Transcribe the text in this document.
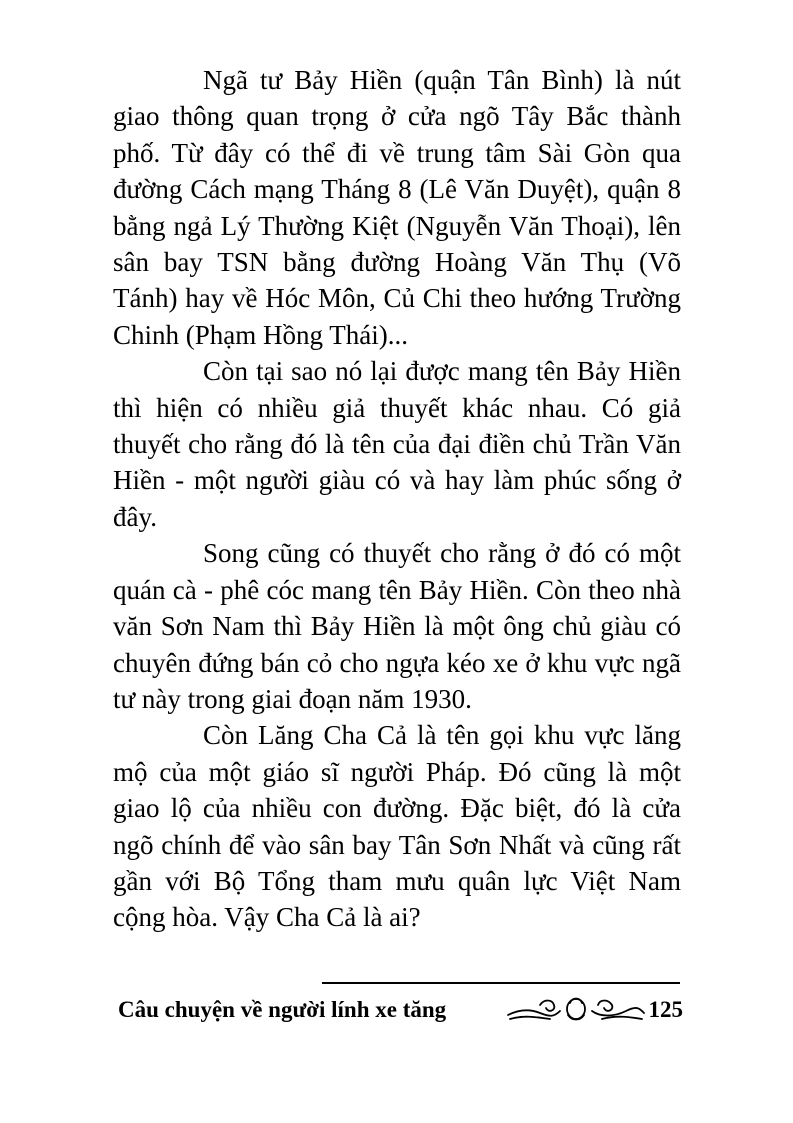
Ngã tư Bảy Hiền (quận Tân Bình) là nút giao thông quan trọng ở cửa ngõ Tây Bắc thành phố. Từ đây có thể đi về trung tâm Sài Gòn qua đường Cách mạng Tháng 8 (Lê Văn Duyệt), quận 8 bằng ngả Lý Thường Kiệt (Nguyễn Văn Thoại), lên sân bay TSN bằng đường Hoàng Văn Thụ (Võ Tánh) hay về Hóc Môn, Củ Chi theo hướng Trường Chinh (Phạm Hồng Thái)...

Còn tại sao nó lại được mang tên Bảy Hiền thì hiện có nhiều giả thuyết khác nhau. Có giả thuyết cho rằng đó là tên của đại điền chủ Trần Văn Hiền - một người giàu có và hay làm phúc sống ở đây.

Song cũng có thuyết cho rằng ở đó có một quán cà - phê cóc mang tên Bảy Hiền. Còn theo nhà văn Sơn Nam thì Bảy Hiền là một ông chủ giàu có chuyên đứng bán cỏ cho ngựa kéo xe ở khu vực ngã tư này trong giai đoạn năm 1930.

Còn Lăng Cha Cả là tên gọi khu vực lăng mộ của một giáo sĩ người Pháp. Đó cũng là một giao lộ của nhiều con đường. Đặc biệt, đó là cửa ngõ chính để vào sân bay Tân Sơn Nhất và cũng rất gần với Bộ Tổng tham mưu quân lực Việt Nam cộng hòa. Vậy Cha Cả là ai?

Câu chuyện về người lính xe tăng	125
